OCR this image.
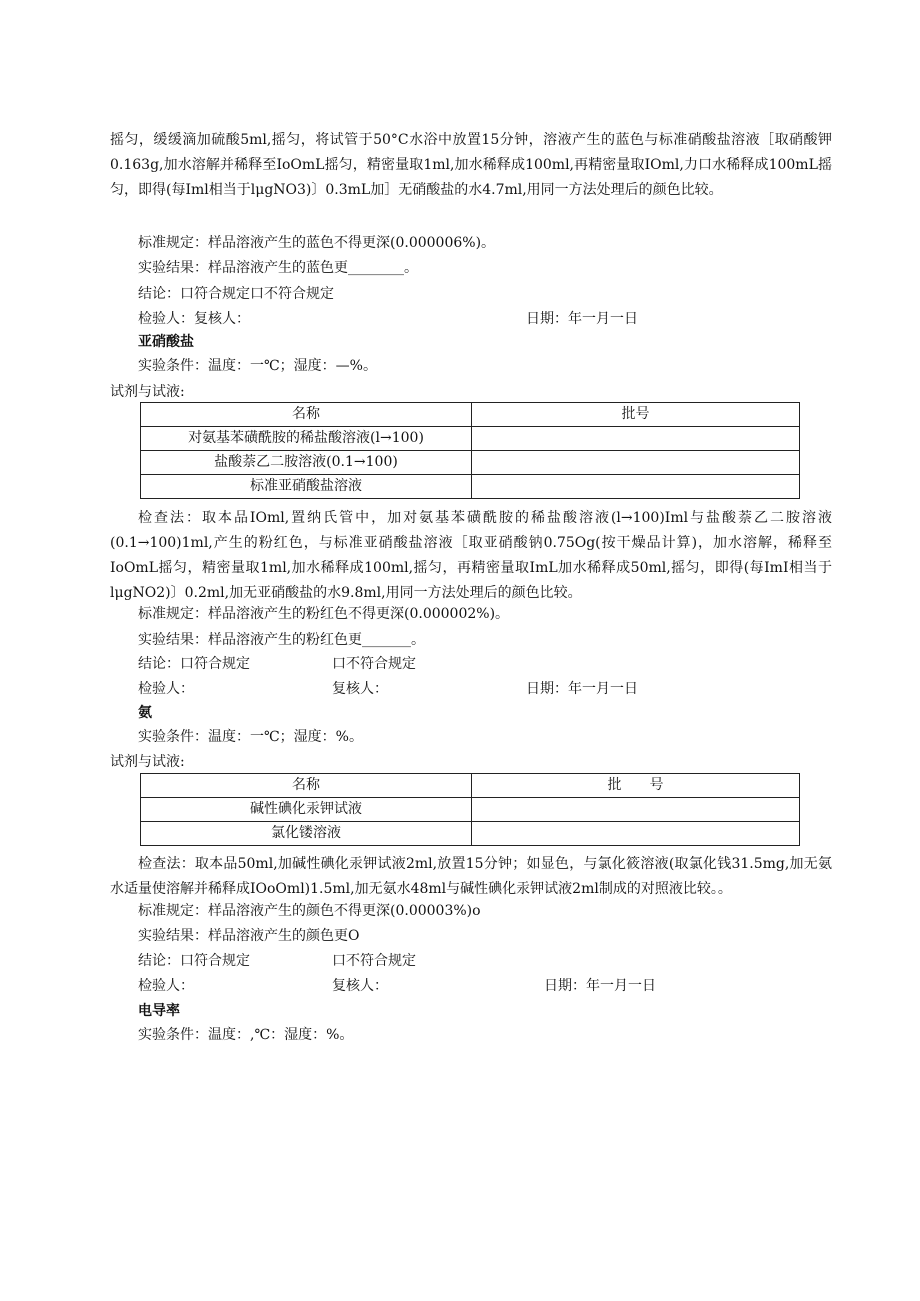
摇匀，缓缓滴加硫酸5ml,摇匀，将试管于50°C水浴中放置15分钟，溶液产生的蓝色与标准硝酸盐溶液［取硝酸钾0.163g,加水溶解并稀释至IoOmL摇匀，精密量取1ml,加水稀释成100ml,再精密量取IOml,力口水稀释成100mL摇匀，即得(每Iml相当于lμgNO3)〕0.3mL加］无硝酸盐的水4.7ml,用同一方法处理后的颜色比较。
标准规定：样品溶液产生的蓝色不得更深(0.000006%)。
实验结果：样品溶液产生的蓝色更________。
结论：口符合规定口不符合规定
检验人：复核人：	日期：年一月一日
亚硝酸盐
实验条件：温度：一℃；湿度：—%。
试剂与试液:
名称	批号
对氨基苯磺酰胺的稀盐酸溶液(l→100)	
盐酸萘乙二胺溶液(0.1→100)	
标准亚硝酸盐溶液	
检查法：取本品IOml,置纳氏管中，加对氨基苯磺酰胺的稀盐酸溶液(l→100)Iml与盐酸萘乙二胺溶液(0.1→100)1ml,产生的粉红色，与标准亚硝酸盐溶液［取亚硝酸钠0.75Og(按干燥品计算)，加水溶解，稀释至IoOmL摇匀，精密量取1ml,加水稀释成100ml,摇匀，再精密量取ImL加水稀释成50ml,摇匀，即得(每ImI相当于lμgNO2)〕0.2ml,加无亚硝酸盐的水9.8ml,用同一方法处理后的颜色比较。
标准规定：样品溶液产生的粉红色不得更深(0.000002%)。
实验结果：样品溶液产生的粉红色更_______。
结论：口符合规定	口不符合规定
检验人：	复核人：	日期：年一月一日
氨
实验条件：温度：一℃；湿度：%。
试剂与试液:
名称	批　　号
碱性碘化汞钾试液	
氯化镂溶液	
检查法：取本品50ml,加碱性碘化汞钾试液2ml,放置15分钟；如显色，与氯化筱溶液(取氯化钱31.5mg,加无氨水适量使溶解并稀释成IOoOml)1.5ml,加无氨水48ml与碱性碘化汞钾试液2ml制成的对照液比较。。
标准规定：样品溶液产生的颜色不得更深(0.00003%)o
实验结果：样品溶液产生的颜色更O
结论：口符合规定	口不符合规定
检验人：	复核人：	日期：年一月一日
电导率
实验条件：温度：,℃：湿度：%。
